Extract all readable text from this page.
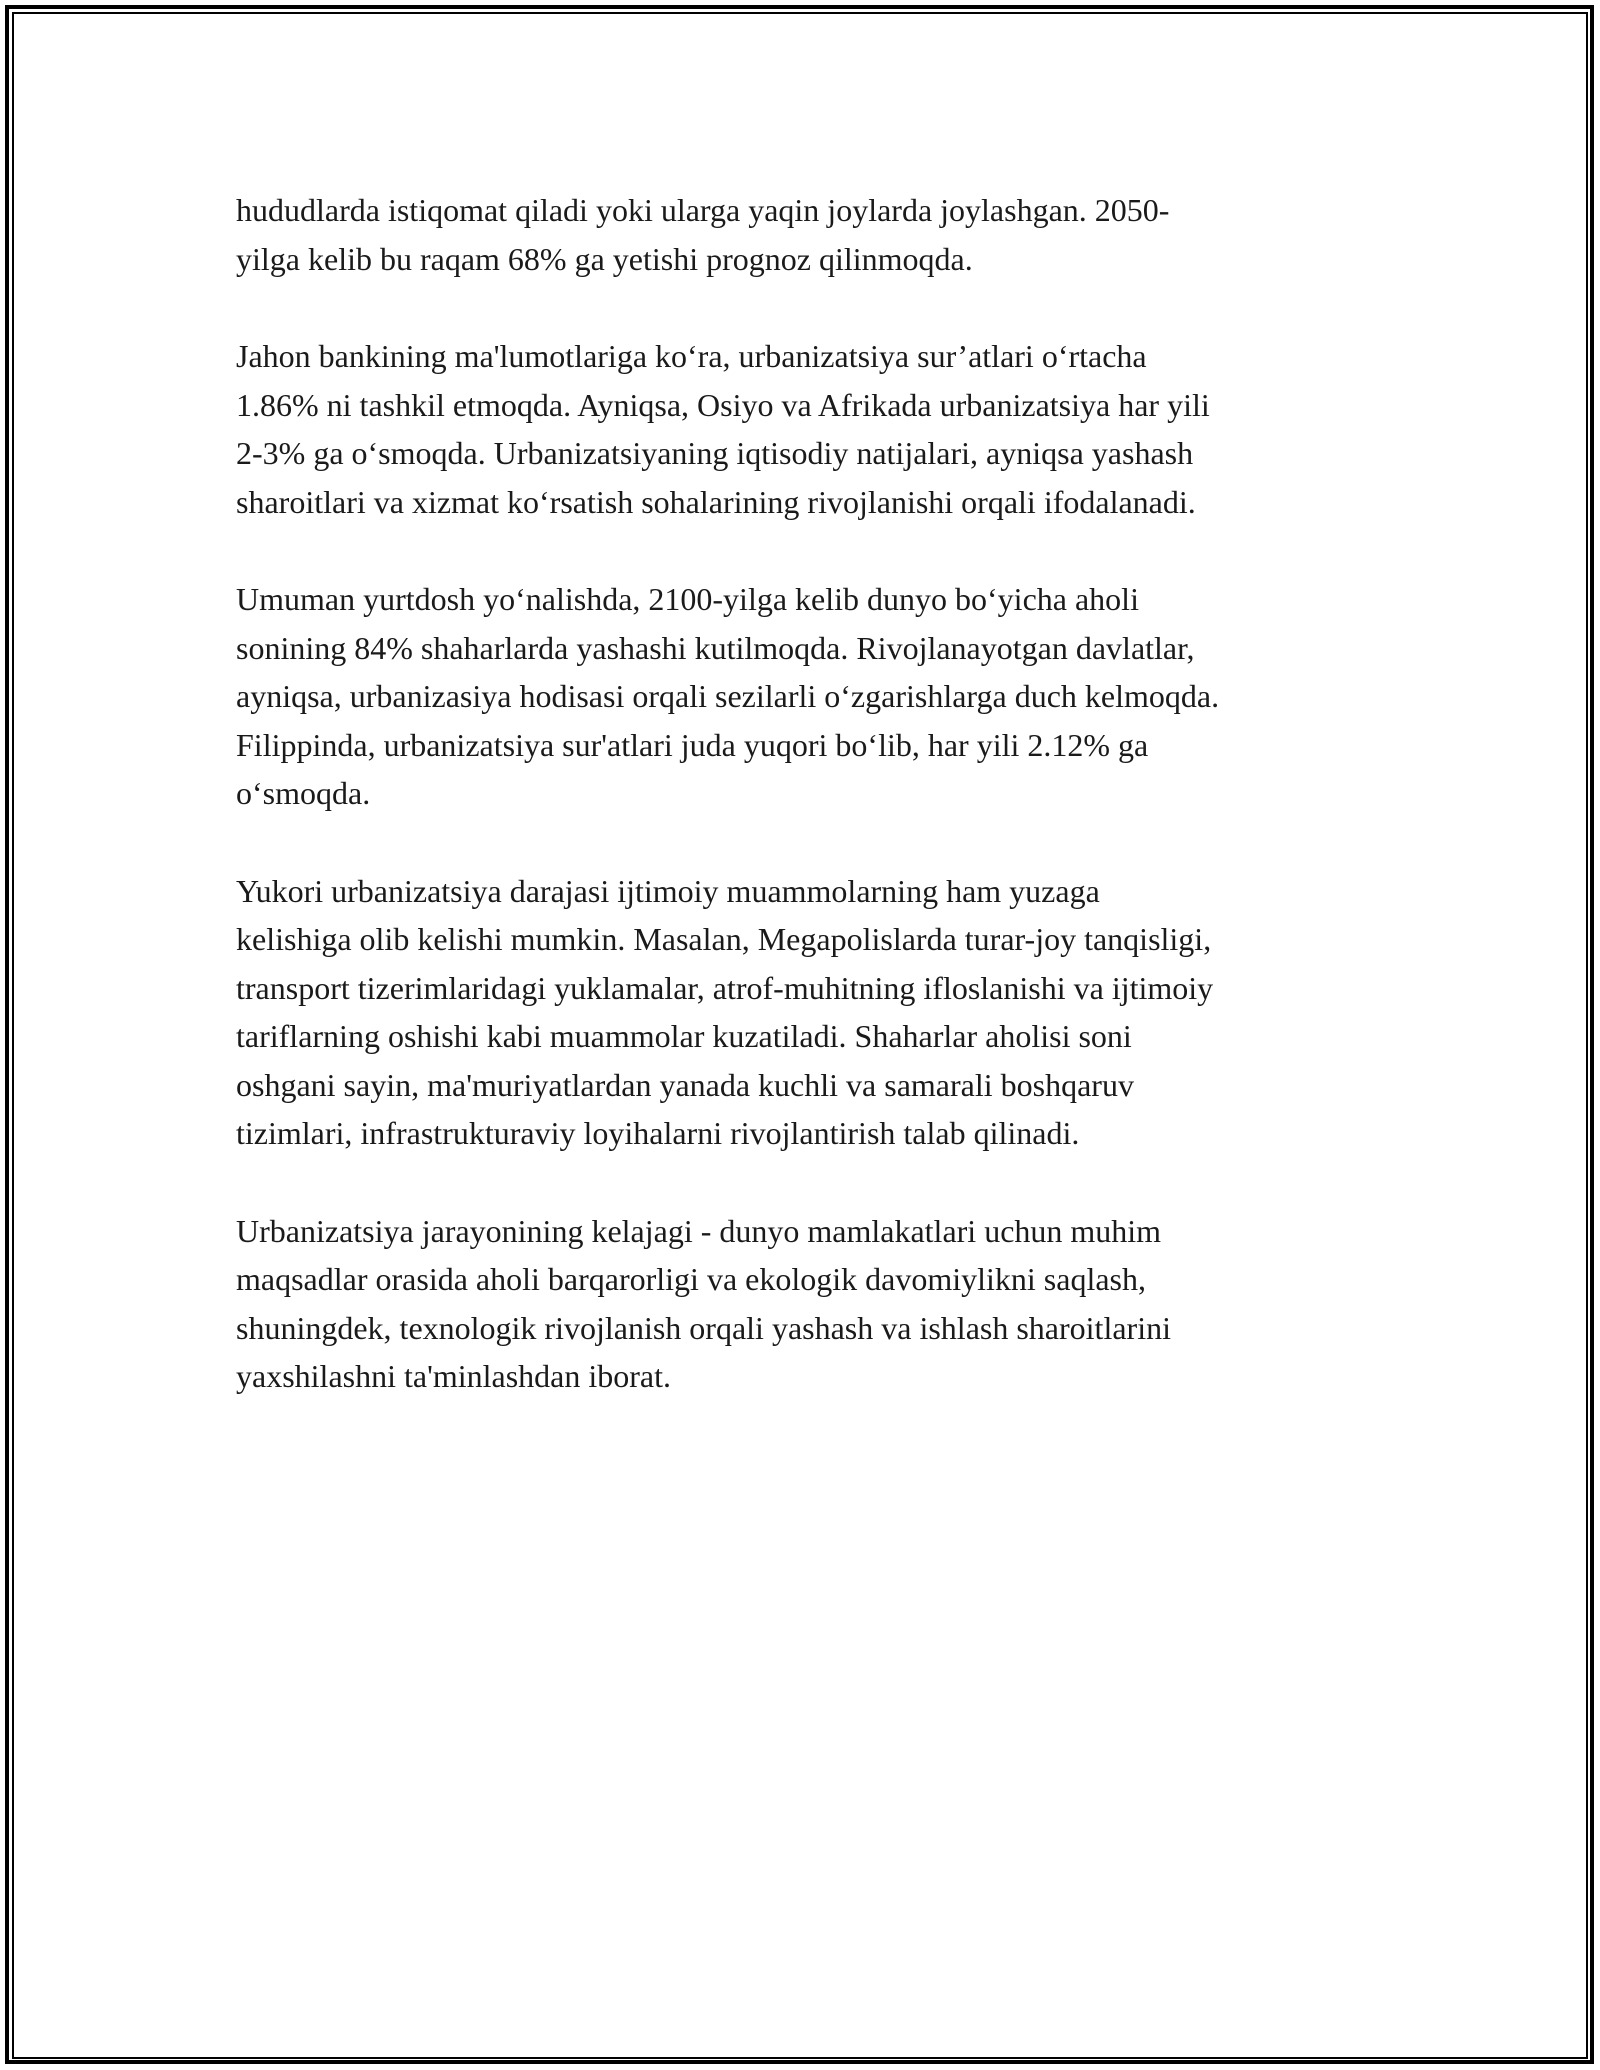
hududlarda istiqomat qiladi yoki ularga yaqin joylarda joylashgan. 2050-
yilga kelib bu raqam 68% ga yetishi prognoz qilinmoqda.

Jahon bankining ma'lumotlariga ko‘ra, urbanizatsiya sur’atlari o‘rtacha
1.86% ni tashkil etmoqda. Ayniqsa, Osiyo va Afrikada urbanizatsiya har yili
2-3% ga o‘smoqda. Urbanizatsiyaning iqtisodiy natijalari, ayniqsa yashash
sharoitlari va xizmat ko‘rsatish sohalarining rivojlanishi orqali ifodalanadi.

Umuman yurtdosh yo‘nalishda, 2100-yilga kelib dunyo bo‘yicha aholi
sonining 84% shaharlarda yashashi kutilmoqda. Rivojlanayotgan davlatlar,
ayniqsa, urbanizasiya hodisasi orqali sezilarli o‘zgarishlarga duch kelmoqda.
Filippinda, urbanizatsiya sur'atlari juda yuqori bo‘lib, har yili 2.12% ga
o‘smoqda.

Yukori urbanizatsiya darajasi ijtimoiy muammolarning ham yuzaga
kelishiga olib kelishi mumkin. Masalan, Megapolislarda turar-joy tanqisligi,
transport tizerimlaridagi yuklamalar, atrof-muhitning ifloslanishi va ijtimoiy
tariflarning oshishi kabi muammolar kuzatiladi. Shaharlar aholisi soni
oshgani sayin, ma'muriyatlardan yanada kuchli va samarali boshqaruv
tizimlari, infrastrukturaviy loyihalarni rivojlantirish talab qilinadi.

Urbanizatsiya jarayonining kelajagi - dunyo mamlakatlari uchun muhim
maqsadlar orasida aholi barqarorligi va ekologik davomiylikni saqlash,
shuningdek, texnologik rivojlanish orqali yashash va ishlash sharoitlarini
yaxshilashni ta'minlashdan iborat.
